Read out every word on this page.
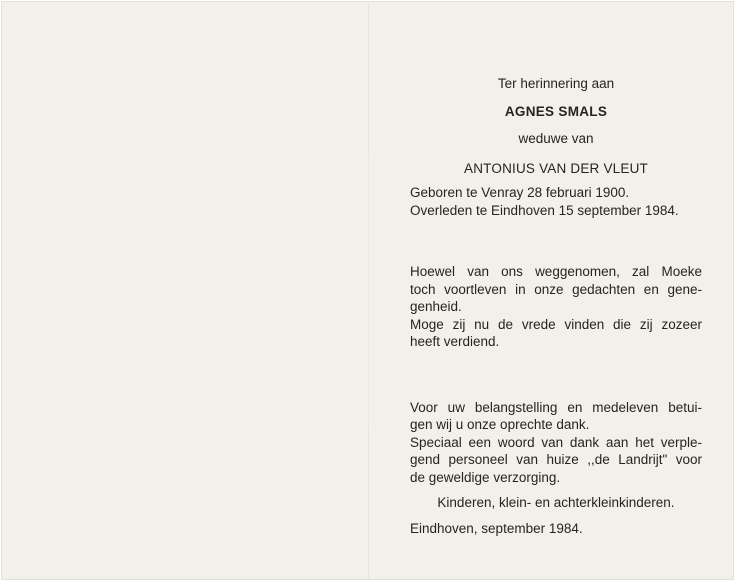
Ter herinnering aan
AGNES SMALS
weduwe van
ANTONIUS VAN DER VLEUT
Geboren te Venray 28 februari 1900.
Overleden te Eindhoven 15 september 1984.
Hoewel van ons weggenomen, zal Moeke
toch voortleven in onze gedachten en gene-
genheid.
Moge zij nu de vrede vinden die zij zozeer
heeft verdiend.
Voor uw belangstelling en medeleven betui-
gen wij u onze oprechte dank.
Speciaal een woord van dank aan het verple-
gend personeel van huize ,,de Landrijt" voor
de geweldige verzorging.
Kinderen, klein- en achterkleinkinderen.
Eindhoven, september 1984.
